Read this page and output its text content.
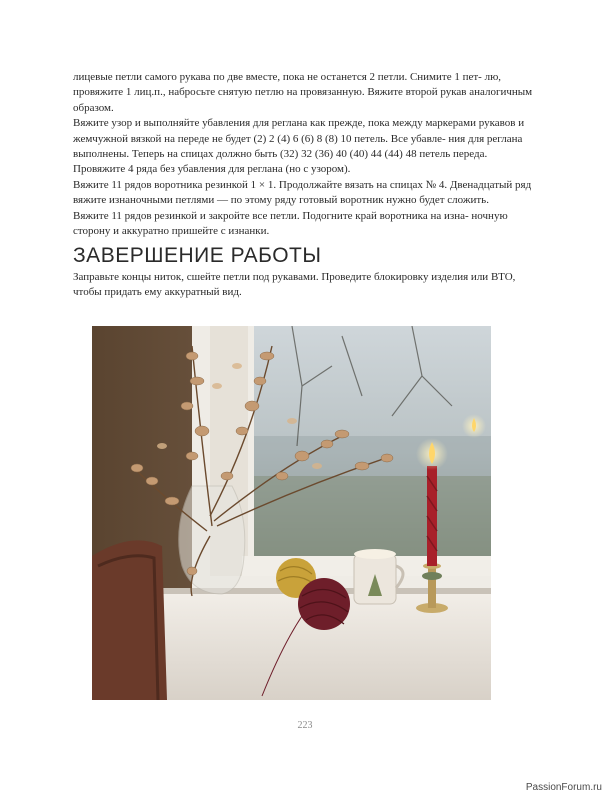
лицевые петли самого рукава по две вместе, пока не останется 2 петли. Снимите 1 пет- лю, провяжите 1 лиц.п., набросьте снятую петлю на провязанную. Вяжите второй рукав аналогичным образом.

Вяжите узор и выполняйте убавления для реглана как прежде, пока между маркерами рукавов и жемчужной вязкой на переде не будет (2) 2 (4) 6 (6) 8 (8) 10 петель. Все убавле- ния для реглана выполнены. Теперь на спицах должно быть (32) 32 (36) 40 (40) 44 (44) 48 петель переда. Провяжите 4 ряда без убавления для реглана (но с узором).

Вяжите 11 рядов воротника резинкой 1 × 1. Продолжайте вязать на спицах № 4. Двенадцатый ряд вяжите изнаночными петлями — по этому ряду готовый воротник нужно будет сложить.

Вяжите 11 рядов резинкой и закройте все петли. Подогните край воротника на изна- ночную сторону и аккуратно пришейте с изнанки.

ЗАВЕРШЕНИЕ РАБОТЫ

Заправьте концы ниток, сшейте петли под рукавами. Проведите блокировку изделия или ВТО, чтобы придать ему аккуратный вид.

223
PassionForum.ru
